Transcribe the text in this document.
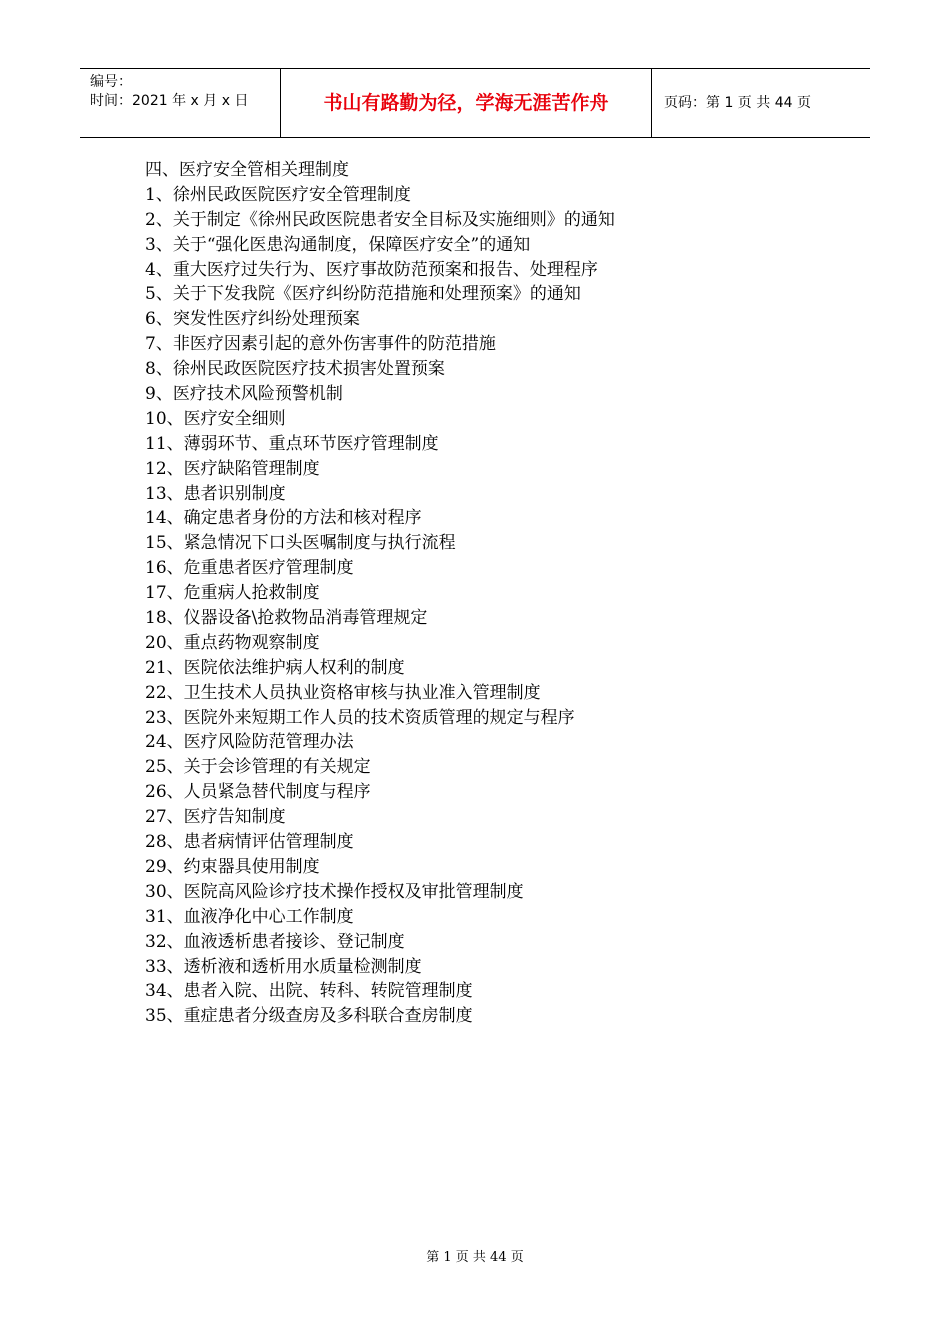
编号：
时间：2021 年 x 月 x 日	书山有路勤为径，学海无涯苦作舟	页码：第 1 页 共 44 页
四、医疗安全管相关理制度
1、徐州民政医院医疗安全管理制度
2、关于制定《徐州民政医院患者安全目标及实施细则》的通知
3、关于“强化医患沟通制度，保障医疗安全”的通知
4、重大医疗过失行为、医疗事故防范预案和报告、处理程序
5、关于下发我院《医疗纠纷防范措施和处理预案》的通知
6、突发性医疗纠纷处理预案
7、非医疗因素引起的意外伤害事件的防范措施
8、徐州民政医院医疗技术损害处置预案
9、医疗技术风险预警机制
10、医疗安全细则
11、薄弱环节、重点环节医疗管理制度
12、医疗缺陷管理制度
13、患者识别制度
14、确定患者身份的方法和核对程序
15、紧急情况下口头医嘱制度与执行流程
16、危重患者医疗管理制度
17、危重病人抢救制度
18、仪器设备\抢救物品消毒管理规定
20、重点药物观察制度
21、医院依法维护病人权利的制度
22、卫生技术人员执业资格审核与执业准入管理制度
23、医院外来短期工作人员的技术资质管理的规定与程序
24、医疗风险防范管理办法
25、关于会诊管理的有关规定
26、人员紧急替代制度与程序
27、医疗告知制度
28、患者病情评估管理制度
29、约束器具使用制度
30、医院高风险诊疗技术操作授权及审批管理制度
31、血液净化中心工作制度
32、血液透析患者接诊、登记制度
33、透析液和透析用水质量检测制度
34、患者入院、出院、转科、转院管理制度
35、重症患者分级查房及多科联合查房制度
第 1 页 共 44 页
